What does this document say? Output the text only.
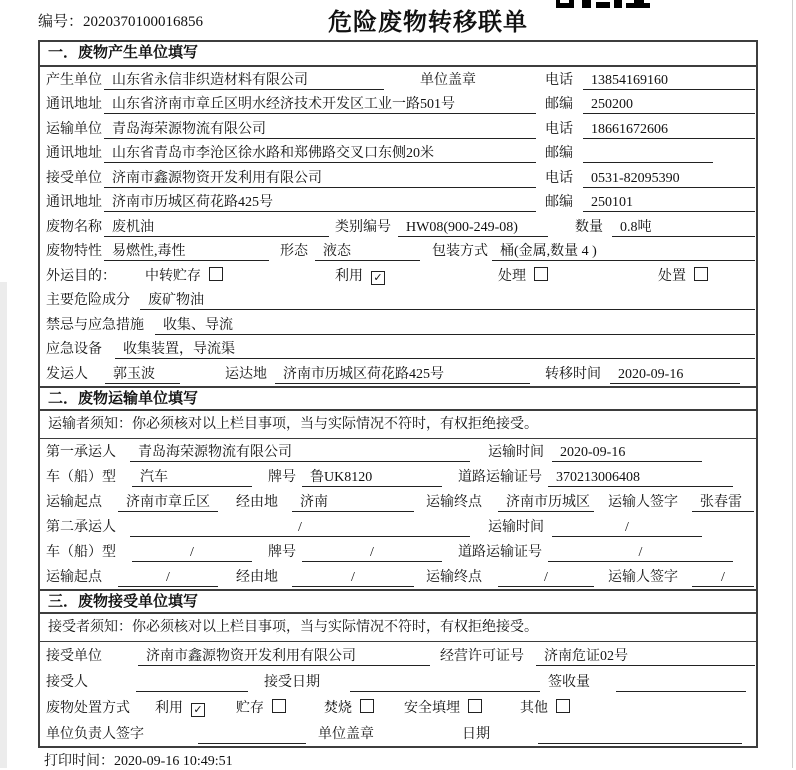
编号：2020370100016856	危险废物转移联单
一．废物产生单位填写
产生单位 山东省永信非织造材料有限公司	单位盖章	电话	13854169160
通讯地址 山东省济南市章丘区明水经济技术开发区工业一路501号	邮编	250200
运输单位 青岛海荣源物流有限公司	电话	18661672606
通讯地址 山东省青岛市李沧区徐水路和郑佛路交叉口东侧20米	邮编
接受单位 济南市鑫源物资开发利用有限公司	电话	0531-82095390
通讯地址 济南市历城区荷花路425号	邮编	250101
废物名称 废机油	类别编号	HW08(900-249-08)	数量	0.8吨
废物特性 易燃性,毒性	形态	液态	包装方式 桶(金属,数量 4 )
外运目的： 中转贮存	利用 ✓	处理	处置
主要危险成分	废矿物油
禁忌与应急措施	收集、导流
应急设备	收集装置，导流渠
发运人	郭玉波	运达地	济南市历城区荷花路425号	转移时间	2020-09-16
二．废物运输单位填写
运输者须知：你必须核对以上栏目事项，当与实际情况不符时，有权拒绝接受。
第一承运人	青岛海荣源物流有限公司	运输时间	2020-09-16
车（船）型	汽车	牌号	鲁UK8120	道路运输证号	370213006408
运输起点	济南市章丘区	经由地	济南	运输终点	济南市历城区 运输人签字	张春雷
第二承运人	/	运输时间	/
车（船）型	/	牌号	/	道路运输证号	/
运输起点	/	经由地	/	运输终点	/	运输人签字	/
三．废物接受单位填写
接受者须知：你必须核对以上栏目事项，当与实际情况不符时，有权拒绝接受。
接受单位	济南市鑫源物资开发利用有限公司	经营许可证号	济南危证02号
接受人	接受日期	签收量
废物处置方式 利用 ✓ 贮存	焚烧	安全填埋	其他
单位负责人签字	单位盖章	日期
打印时间：2020-09-16 10:49:51
